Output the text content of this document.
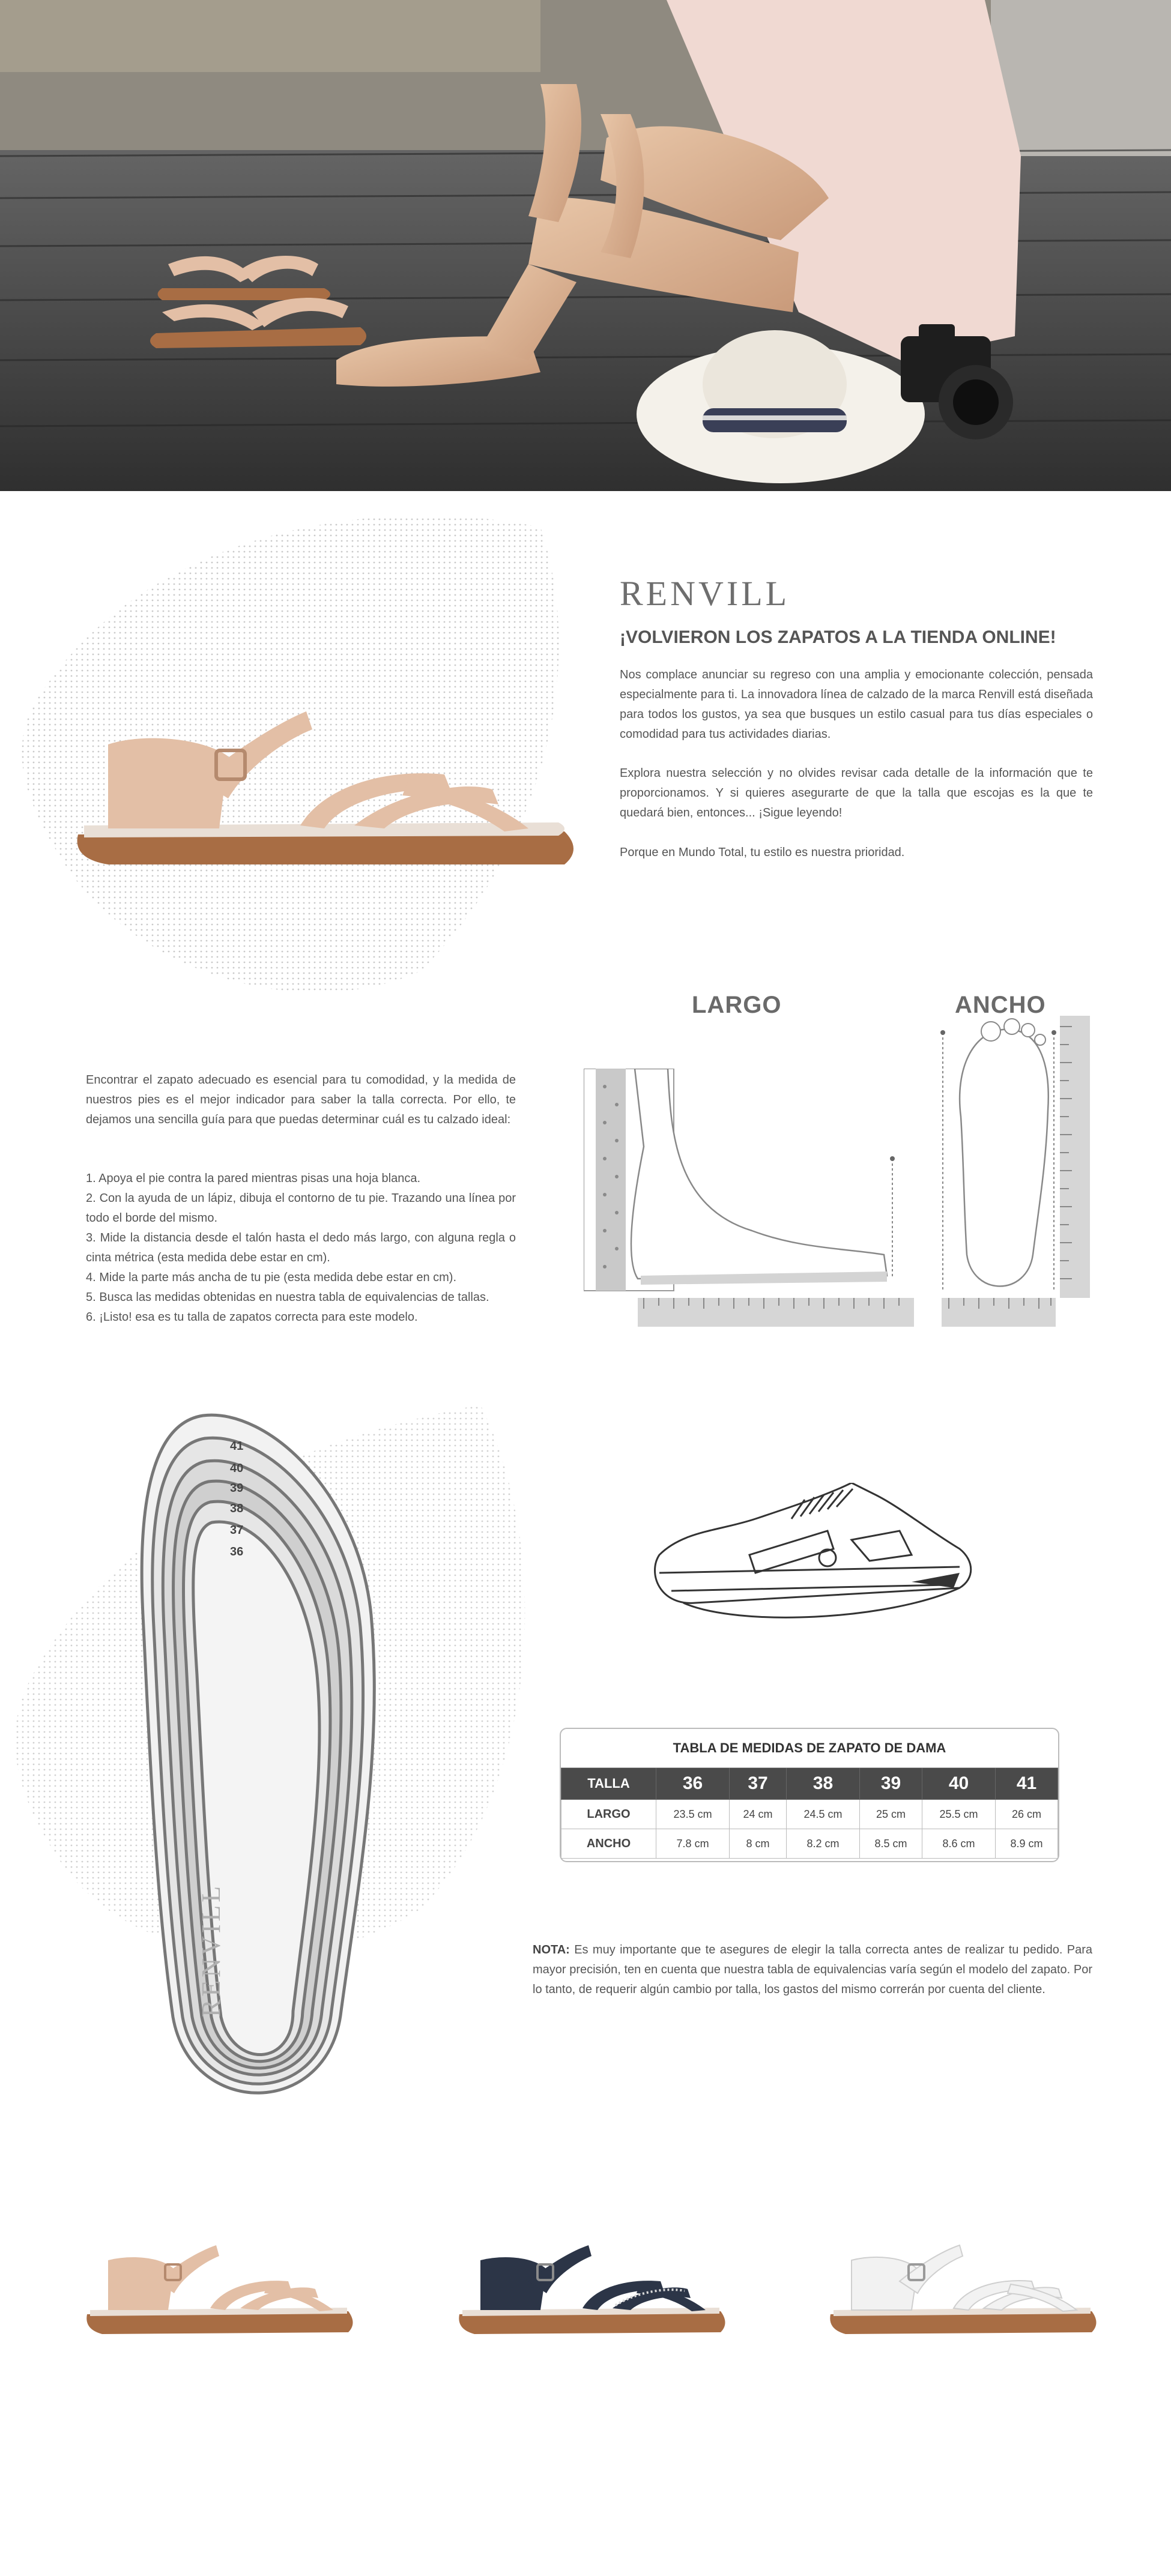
RENVILL
¡VOLVIERON LOS ZAPATOS A LA TIENDA ONLINE!
Nos complace anunciar su regreso con una amplia y emocionante colección, pensada especialmente para ti. La innovadora línea de calzado de la marca Renvill está diseñada para todos los gustos, ya sea que busques un estilo casual para tus días especiales o comodidad para tus actividades diarias.
Explora nuestra selección y no olvides revisar cada detalle de la información que te proporcionamos. Y si quieres asegurarte de que la talla que escojas es la que te quedará bien, entonces... ¡Sigue leyendo!
Porque en Mundo Total, tu estilo es nuestra prioridad.
LARGO	ANCHO
Encontrar el zapato adecuado es esencial para tu comodidad, y la medida de nuestros pies es el mejor indicador para saber la talla correcta. Por ello, te dejamos una sencilla guía para que puedas determinar cuál es tu calzado ideal:
1. Apoya el pie contra la pared mientras pisas una hoja blanca.
2. Con la ayuda de un lápiz, dibuja el contorno de tu pie. Trazando una línea por todo el borde del mismo.
3. Mide la distancia desde el talón hasta el dedo más largo, con alguna regla o cinta métrica (esta medida debe estar en cm).
4. Mide la parte más ancha de tu pie (esta medida debe estar en cm).
5. Busca las medidas obtenidas en nuestra tabla de equivalencias de tallas.
6. ¡Listo! esa es tu talla de zapatos correcta para este modelo.
41
40
39
38
37
36
RENVILL
TABLA DE MEDIDAS DE ZAPATO DE DAMA						
TALLA	36	37	38	39	40	41
LARGO	23.5 cm	24 cm	24.5 cm	25 cm	25.5 cm	26 cm
ANCHO	7.8 cm	8 cm	8.2 cm	8.5 cm	8.6 cm	8.9 cm
NOTA: Es muy importante que te asegures de elegir la talla correcta antes de realizar tu pedido. Para mayor precisión, ten en cuenta que nuestra tabla de equivalencias varía según el modelo del zapato. Por lo tanto, de requerir algún cambio por talla, los gastos del mismo correrán por cuenta del cliente.
